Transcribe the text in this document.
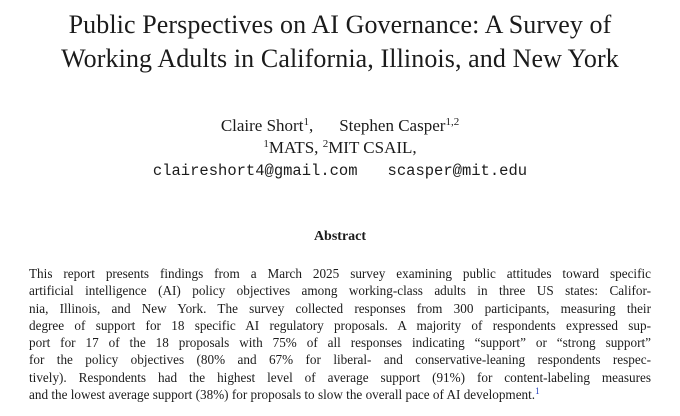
Public Perspectives on AI Governance: A Survey of
Working Adults in California, Illinois, and New York
Claire Short$^1$, Stephen Casper$^{1,2}$
$^1$MATS, $^2$MIT CSAIL,
claireshort4@gmail.com scasper@mit.edu
Abstract
This report presents findings from a March 2025 survey examining public attitudes toward specific
artificial intelligence (AI) policy objectives among working-class adults in three US states: Califor-
nia, Illinois, and New York. The survey collected responses from 300 participants, measuring their
degree of support for 18 specific AI regulatory proposals. A majority of respondents expressed sup-
port for 17 of the 18 proposals with 75% of all responses indicating “support” or “strong support”
for the policy objectives (80% and 67% for liberal- and conservative-leaning respondents respec-
tively). Respondents had the highest level of average support (91%) for content-labeling measures
and the lowest average support (38%) for proposals to slow the overall pace of AI development.$^1$
